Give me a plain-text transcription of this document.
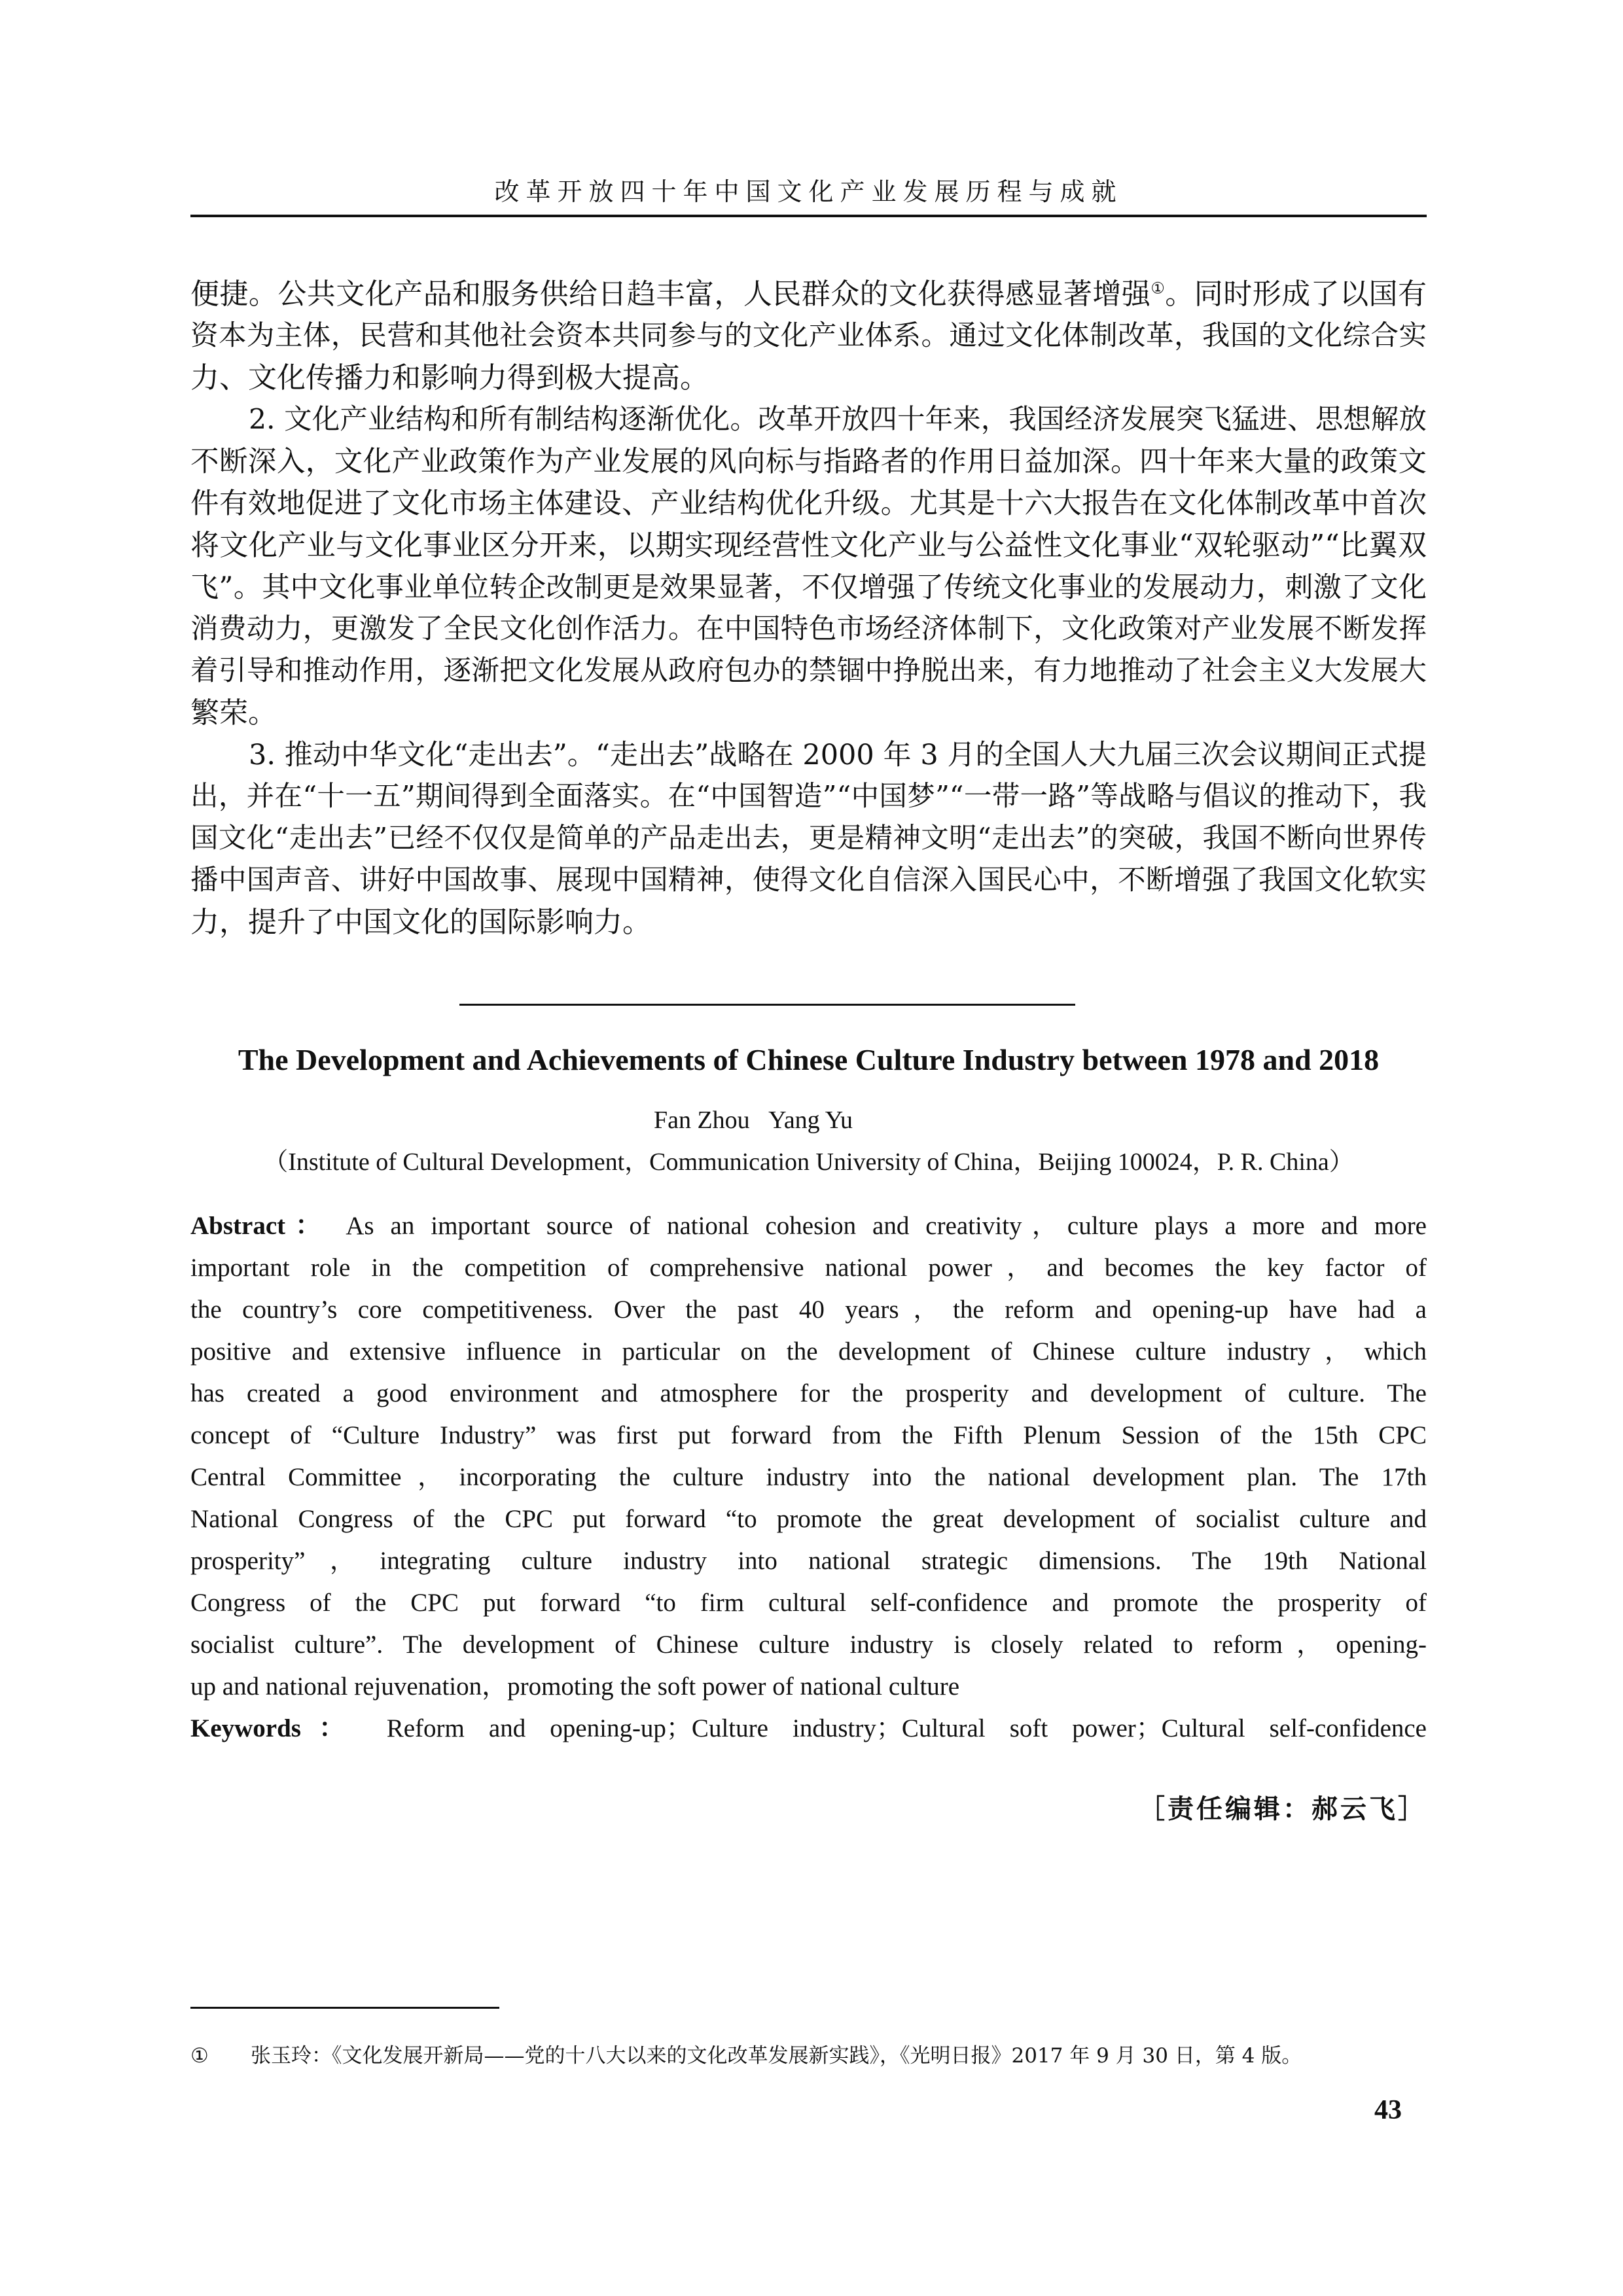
改革开放四十年中国文化产业发展历程与成就
便捷。公共文化产品和服务供给日趋丰富，人民群众的文化获得感显著增强①。同时形成了以国有
资本为主体，民营和其他社会资本共同参与的文化产业体系。通过文化体制改革，我国的文化综合实
力、文化传播力和影响力得到极大提高。
2. 文化产业结构和所有制结构逐渐优化。改革开放四十年来，我国经济发展突飞猛进、思想解放
不断深入，文化产业政策作为产业发展的风向标与指路者的作用日益加深。四十年来大量的政策文
件有效地促进了文化市场主体建设、产业结构优化升级。尤其是十六大报告在文化体制改革中首次
将文化产业与文化事业区分开来，以期实现经营性文化产业与公益性文化事业“双轮驱动”“比翼双
飞”。其中文化事业单位转企改制更是效果显著，不仅增强了传统文化事业的发展动力，刺激了文化
消费动力，更激发了全民文化创作活力。在中国特色市场经济体制下，文化政策对产业发展不断发挥
着引导和推动作用，逐渐把文化发展从政府包办的禁锢中挣脱出来，有力地推动了社会主义大发展大
繁荣。
3. 推动中华文化“走出去”。“走出去”战略在 2000 年 3 月的全国人大九届三次会议期间正式提
出，并在“十一五”期间得到全面落实。在“中国智造”“中国梦”“一带一路”等战略与倡议的推动下，我
国文化“走出去”已经不仅仅是简单的产品走出去，更是精神文明“走出去”的突破，我国不断向世界传
播中国声音、讲好中国故事、展现中国精神，使得文化自信深入国民心中，不断增强了我国文化软实
力，提升了中国文化的国际影响力。
The Development and Achievements of Chinese Culture Industry between 1978 and 2018
Fan Zhou   Yang Yu
（Institute of Cultural Development，Communication University of China，Beijing 100024，P. R. China）
Abstract： As an important source of national cohesion and creativity，culture plays a more and more
important role in the competition of comprehensive national power，and becomes the key factor of
the country’s core competitiveness. Over the past 40 years，the reform and opening-up have had a
positive and extensive influence in particular on the development of Chinese culture industry，which
has created a good environment and atmosphere for the prosperity and development of culture. The
concept of “Culture Industry” was first put forward from the Fifth Plenum Session of the 15th CPC
Central Committee，incorporating the culture industry into the national development plan. The 17th
National Congress of the CPC put forward “to promote the great development of socialist culture and
prosperity”，integrating culture industry into national strategic dimensions. The 19th National
Congress of the CPC put forward “to firm cultural self-confidence and promote the prosperity of
socialist culture”. The development of Chinese culture industry is closely related to reform，opening-
up and national rejuvenation，promoting the soft power of national culture
Keywords： Reform and opening-up；Culture industry；Cultural soft power；Cultural self-confidence
［责任编辑：郝云飞］
① 张玉玲：《文化发展开新局——党的十八大以来的文化改革发展新实践》，《光明日报》2017 年 9 月 30 日，第 4 版。
43
